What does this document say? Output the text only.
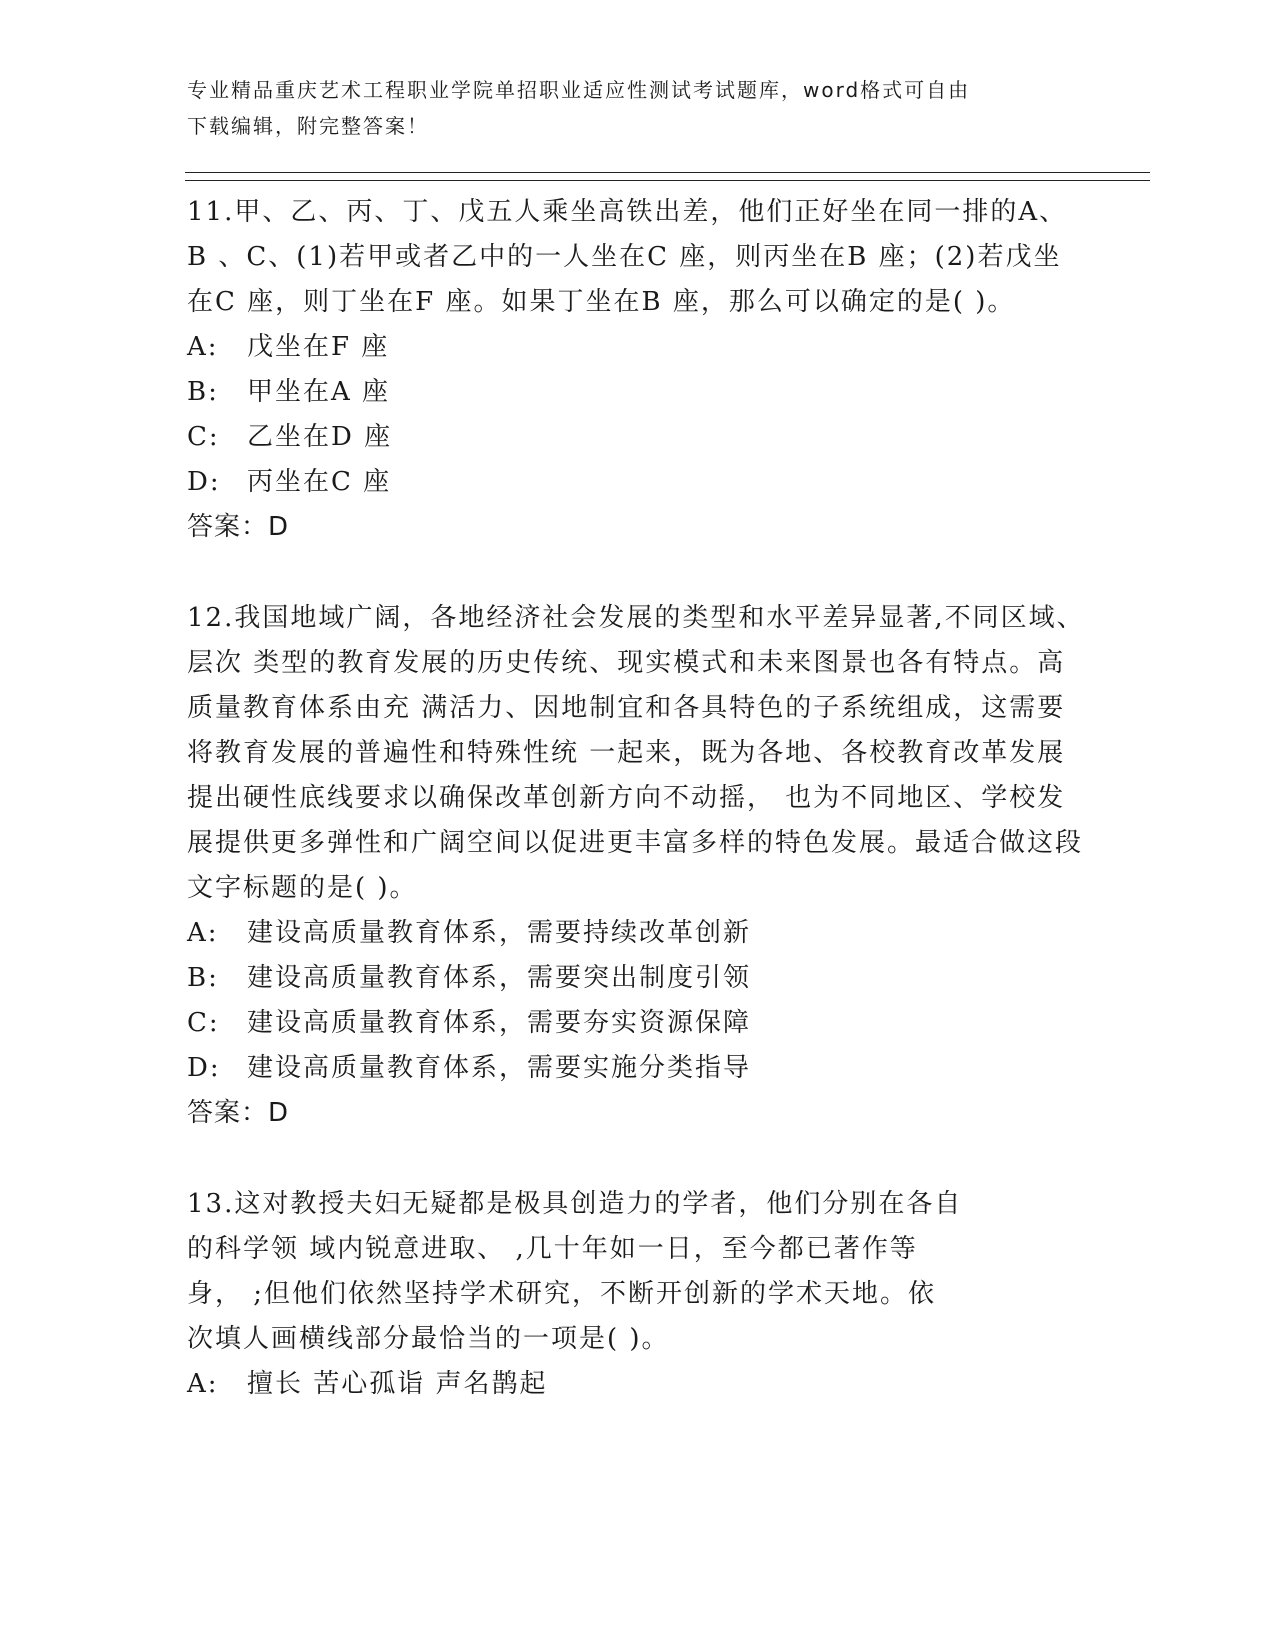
专业精品重庆艺术工程职业学院单招职业适应性测试考试题库，word格式可自由
下载编辑，附完整答案！

11.甲、乙、丙、丁、戊五人乘坐高铁出差，他们正好坐在同一排的A、B 、C、(1)若甲或者乙中的一人坐在C 座，则丙坐在B 座；(2)若戊坐在C 座，则丁坐在F 座。如果丁坐在B 座，那么可以确定的是( )。

A: 戊坐在F 座
B: 甲坐在A 座
C: 乙坐在D 座
D: 丙坐在C 座

答案：D

12.我国地域广阔，各地经济社会发展的类型和水平差异显著,不同区域、层次 类型的教育发展的历史传统、现实模式和未来图景也各有特点。高质量教育体系由充 满活力、因地制宜和各具特色的子系统组成，这需要将教育发展的普遍性和特殊性统 一起来，既为各地、各校教育改革发展提出硬性底线要求以确保改革创新方向不动摇， 也为不同地区、学校发展提供更多弹性和广阔空间以促进更丰富多样的特色发展。最适合做这段文字标题的是( )。

A: 建设高质量教育体系，需要持续改革创新
B: 建设高质量教育体系，需要突出制度引领
C: 建设高质量教育体系，需要夯实资源保障
D: 建设高质量教育体系，需要实施分类指导

答案：D

13.这对教授夫妇无疑都是极具创造力的学者，他们分别在各自
的科学领 域内锐意进取、 ,几十年如一日，至今都已著作等
身， ;但他们依然坚持学术研究，不断开创新的学术天地。依
次填人画横线部分最恰当的一项是( )。
A: 擅长 苦心孤诣 声名鹊起
